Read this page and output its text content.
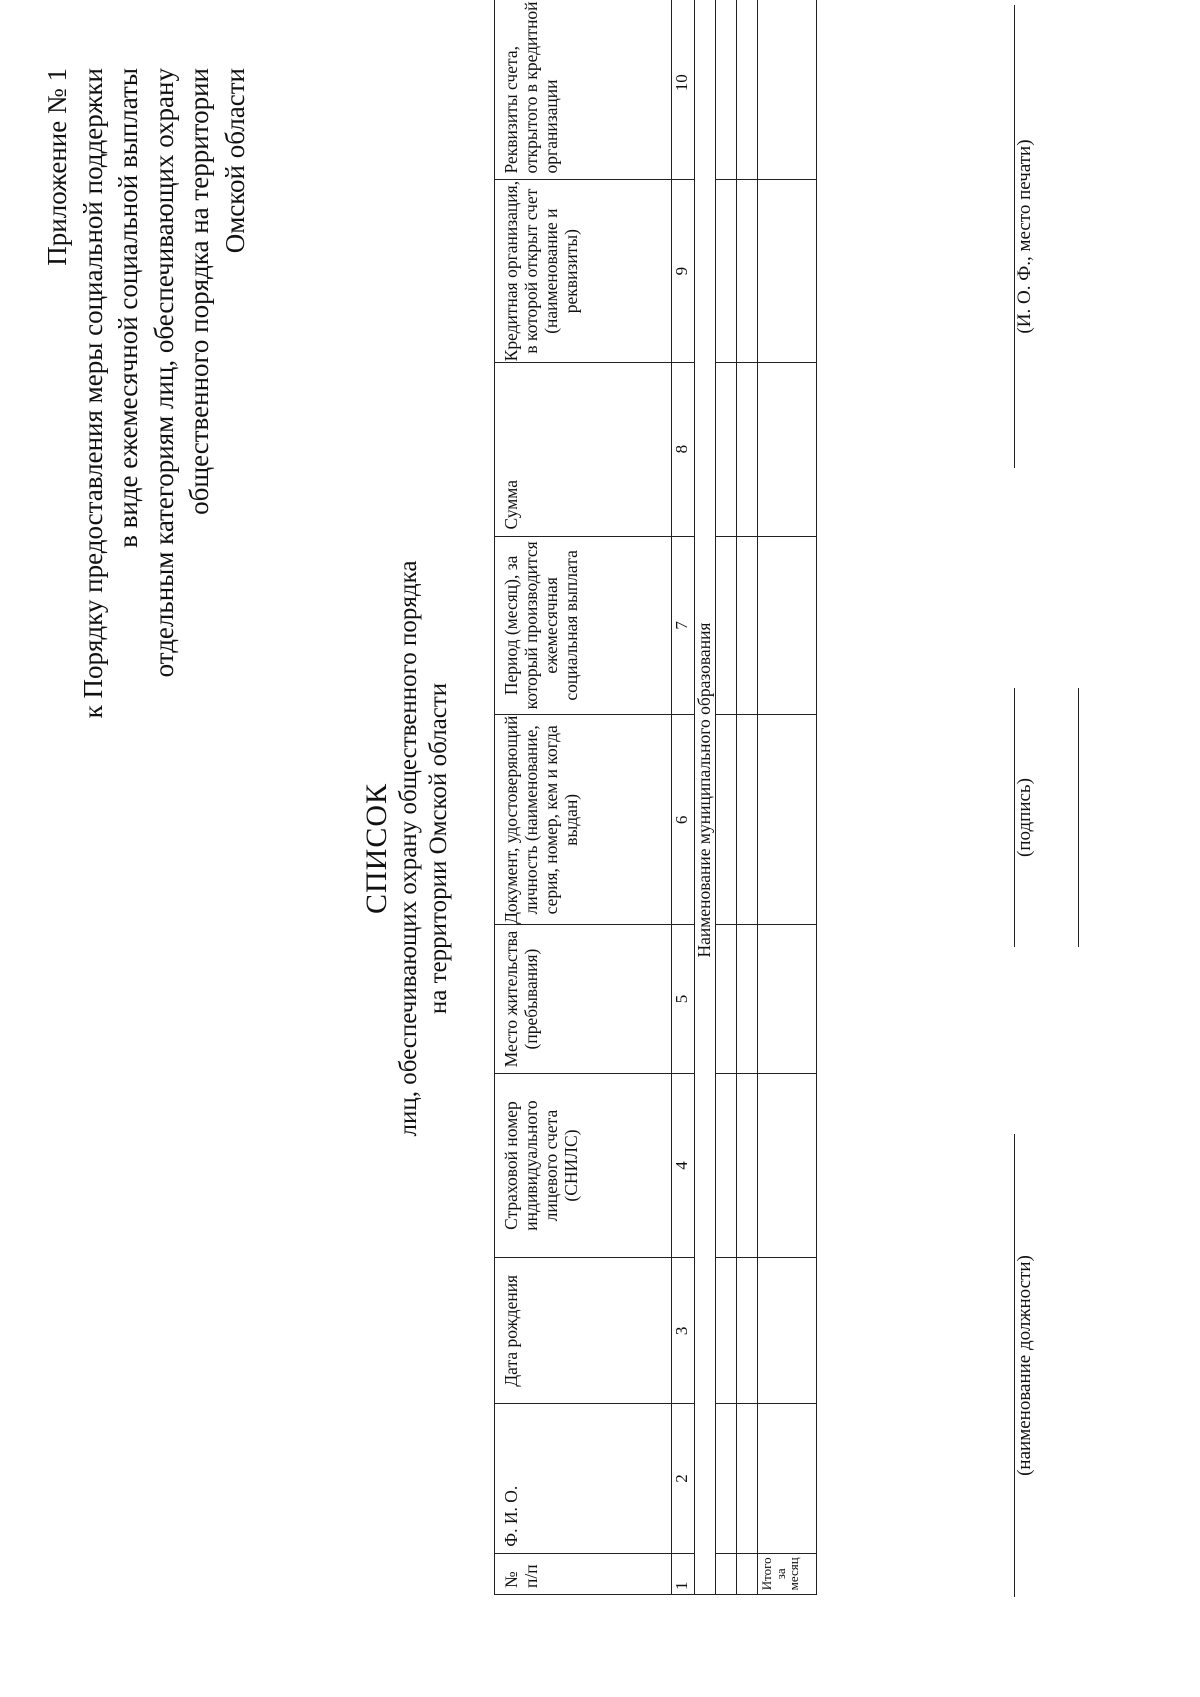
Приложение № 1 к Порядку предоставления меры социальной поддержки в виде ежемесячной социальной выплаты отдельным категориям лиц, обеспечивающих охрану общественного порядка на территории Омской области
СПИСОК лиц, обеспечивающих охрану общественного порядка на территории Омской области
№ п/п	Ф. И. О.	Дата рождения	Страховой номер индивидуального лицевого счета (СНИЛС)	Место жительства (пребывания)	Документ, удостоверяющий личность (наименование, серия, номер, кем и когда выдан)	Период (месяц), за который производится ежемесячная социальная выплата	Сумма	Кредитная организация, в которой открыт счет (наименование и реквизиты)	Реквизиты счета, открытого в кредитной организации
1	2	3	4	5	6	7	8	9	10
Наименование муниципального образования									

Итого за месяц									
(наименование должности)
(подпись)
(И. О. Ф., место печати)
